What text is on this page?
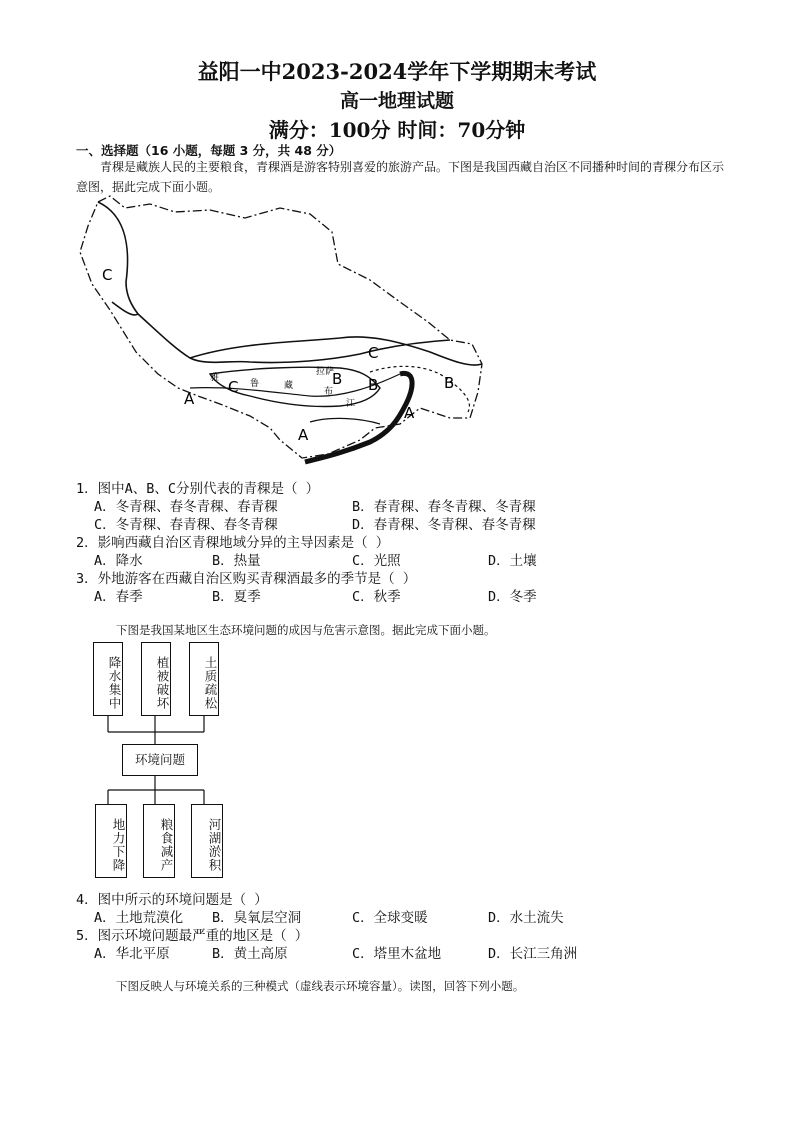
益阳一中2023-2024学年下学期期末考试
高一地理试题
满分：100分 时间：70分钟
一、选择题（16 小题，每题 3 分，共 48 分）
青稞是藏族人民的主要粮食，青稞酒是游客特别喜爱的旅游产品。下图是我国西藏自治区不同播种时间的青稞分布区示意图，据此完成下面小题。
C
C
B B	B
C
A
A
A
拉萨
雅
鲁	藏
布
江
1．图中A、B、C分别代表的青稞是（ ）
A．冬青稞、春冬青稞、春青稞	B．春青稞、春冬青稞、冬青稞
C．冬青稞、春青稞、春冬青稞	D．春青稞、冬青稞、春冬青稞
2．影响西藏自治区青稞地域分异的主导因素是（ ）
A．降水	B．热量	C．光照	D．土壤
3．外地游客在西藏自治区购买青稞酒最多的季节是（ ）
A．春季	B．夏季	C．秋季	D．冬季
下图是我国某地区生态环境问题的成因与危害示意图。据此完成下面小题。
降水集中	植被破坏	土质疏松
环境问题
地力下降	粮食减产	河湖淤积
4．图中所示的环境问题是（ ）
A．土地荒漠化 B．臭氧层空洞	C．全球变暖	D．水土流失
5．图示环境问题最严重的地区是（ ）
A．华北平原	B．黄土高原	C．塔里木盆地	D．长江三角洲
下图反映人与环境关系的三种模式（虚线表示环境容量）。读图，回答下列小题。
